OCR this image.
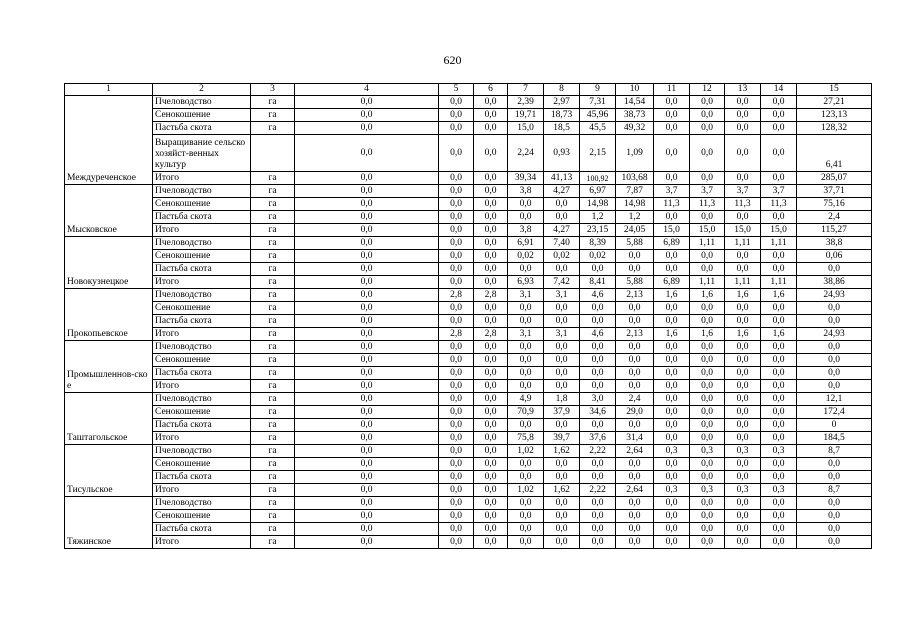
620
1	2	3	4	5	6	7	8	9	10	11	12	13	14	15
Междуреченское	Пчеловодство	га	0,0	0,0	0,0	2,39	2,97	7,31	14,54	0,0	0,0	0,0	0,0	27,21
	Сенокошение	га	0,0	0,0	0,0	19,71	18,73	45,96	38,73	0,0	0,0	0,0	0,0	123,13
	Пастьба скота	га	0,0	0,0	0,0	15,0	18,5	45,5	49,32	0,0	0,0	0,0	0,0	128,32
	Выращивание сельско хозяйст-венных культур		0,0	0,0	0,0	2,24	0,93	2,15	1,09	0,0	0,0	0,0	0,0	6,41
	Итого	га	0,0	0,0	0,0	39,34	41,13	100,92	103,68	0,0	0,0	0,0	0,0	285,07
Мысковское	Пчеловодство	га	0,0	0,0	0,0	3,8	4,27	6,97	7,87	3,7	3,7	3,7	3,7	37,71
	Сенокошение	га	0,0	0,0	0,0	0,0	0,0	14,98	14,98	11,3	11,3	11,3	11,3	75,16
	Пастьба скота	га	0,0	0,0	0,0	0,0	0,0	1,2	1,2	0,0	0,0	0,0	0,0	2,4
	Итого	га	0,0	0,0	0,0	3,8	4,27	23,15	24,05	15,0	15,0	15,0	15,0	115,27
Новокузнецкое	Пчеловодство	га	0,0	0,0	0,0	6,91	7,40	8,39	5,88	6,89	1,11	1,11	1,11	38,8
	Сенокошение	га	0,0	0,0	0,0	0,02	0,02	0,02	0,0	0,0	0,0	0,0	0,0	0,06
	Пастьба скота	га	0,0	0,0	0,0	0,0	0,0	0,0	0,0	0,0	0,0	0,0	0,0	0,0
	Итого	га	0,0	0,0	0,0	6,93	7,42	8,41	5,88	6,89	1,11	1,11	1,11	38,86
Прокопьевское	Пчеловодство	га	0,0	2,8	2,8	3,1	3,1	4,6	2,13	1,6	1,6	1,6	1,6	24,93
	Сенокошение	га	0,0	0,0	0,0	0,0	0,0	0,0	0,0	0,0	0,0	0,0	0,0	0,0
	Пастьба скота	га	0,0	0,0	0,0	0,0	0,0	0,0	0,0	0,0	0,0	0,0	0,0	0,0
	Итого	га	0,0	2,8	2,8	3,1	3,1	4,6	2,13	1,6	1,6	1,6	1,6	24,93
Промышленнов-ское	Пчеловодство	га	0,0	0,0	0,0	0,0	0,0	0,0	0,0	0,0	0,0	0,0	0,0	0,0
	Сенокошение	га	0,0	0,0	0,0	0,0	0,0	0,0	0,0	0,0	0,0	0,0	0,0	0,0
	Пастьба скота	га	0,0	0,0	0,0	0,0	0,0	0,0	0,0	0,0	0,0	0,0	0,0	0,0
	Итого	га	0,0	0,0	0,0	0,0	0,0	0,0	0,0	0,0	0,0	0,0	0,0	0,0
Таштагольское	Пчеловодство	га	0,0	0,0	0,0	4,9	1,8	3,0	2,4	0,0	0,0	0,0	0,0	12,1
	Сенокошение	га	0,0	0,0	0,0	70,9	37,9	34,6	29,0	0,0	0,0	0,0	0,0	172,4
	Пастьба скота	га	0,0	0,0	0,0	0,0	0,0	0,0	0,0	0,0	0,0	0,0	0,0	0
	Итого	га	0,0	0,0	0,0	75,8	39,7	37,6	31,4	0,0	0,0	0,0	0,0	184,5
Тисульское	Пчеловодство	га	0,0	0,0	0,0	1,02	1,62	2,22	2,64	0,3	0,3	0,3	0,3	8,7
	Сенокошение	га	0,0	0,0	0,0	0,0	0,0	0,0	0,0	0,0	0,0	0,0	0,0	0,0
	Пастьба скота	га	0,0	0,0	0,0	0,0	0,0	0,0	0,0	0,0	0,0	0,0	0,0	0,0
	Итого	га	0,0	0,0	0,0	1,02	1,62	2,22	2,64	0,3	0,3	0,3	0,3	8,7
Тяжинское	Пчеловодство	га	0,0	0,0	0,0	0,0	0,0	0,0	0,0	0,0	0,0	0,0	0,0	0,0
	Сенокошение	га	0,0	0,0	0,0	0,0	0,0	0,0	0,0	0,0	0,0	0,0	0,0	0,0
	Пастьба скота	га	0,0	0,0	0,0	0,0	0,0	0,0	0,0	0,0	0,0	0,0	0,0	0,0
	Итого	га	0,0	0,0	0,0	0,0	0,0	0,0	0,0	0,0	0,0	0,0	0,0	0,0
